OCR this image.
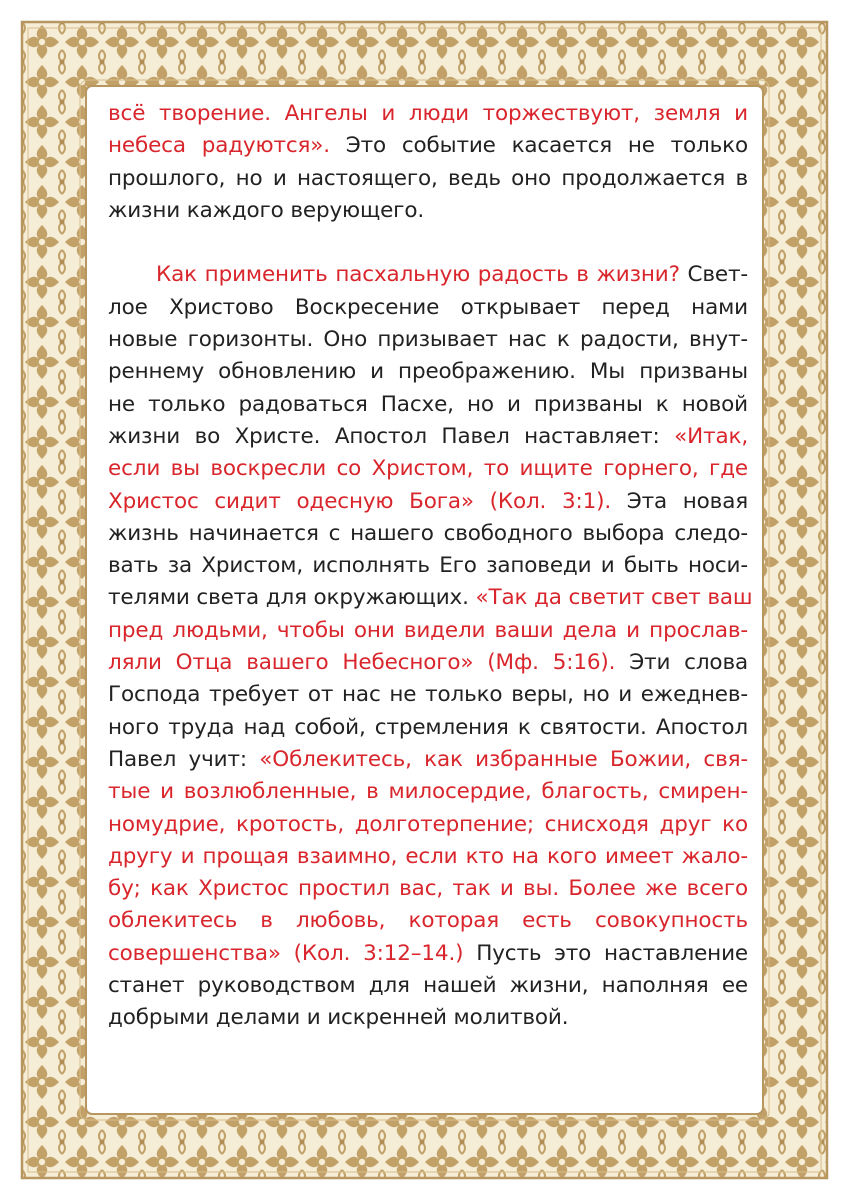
всё творение. Ангелы и люди торжествуют, земля и
небеса радуются». Это событие касается не только
прошлого, но и настоящего, ведь оно продолжается в
жизни каждого верующего.
Как применить пасхальную радость в жизни? Свет-
лое Христово Воскресение открывает перед нами
новые горизонты. Оно призывает нас к радости, внут-
реннему обновлению и преображению. Мы призваны
не только радоваться Пасхе, но и призваны к новой
жизни во Христе. Апостол Павел наставляет: «Итак,
если вы воскресли со Христом, то ищите горнего, где
Христос сидит одесную Бога» (Кол. 3:1). Эта новая
жизнь начинается с нашего свободного выбора следо-
вать за Христом, исполнять Его заповеди и быть носи-
телями света для окружающих. «Так да светит свет ваш
пред людьми, чтобы они видели ваши дела и прослав-
ляли Отца вашего Небесного» (Мф. 5:16). Эти слова
Господа требует от нас не только веры, но и ежеднев-
ного труда над собой, стремления к святости. Апостол
Павел учит: «Облекитесь, как избранные Божии, свя-
тые и возлюбленные, в милосердие, благость, смирен-
номудрие, кротость, долготерпение; снисходя друг ко
другу и прощая взаимно, если кто на кого имеет жало-
бу; как Христос простил вас, так и вы. Более же всего
облекитесь в любовь, которая есть совокупность
совершенства» (Кол. 3:12–14.) Пусть это наставление
станет руководством для нашей жизни, наполняя ее
добрыми делами и искренней молитвой.
